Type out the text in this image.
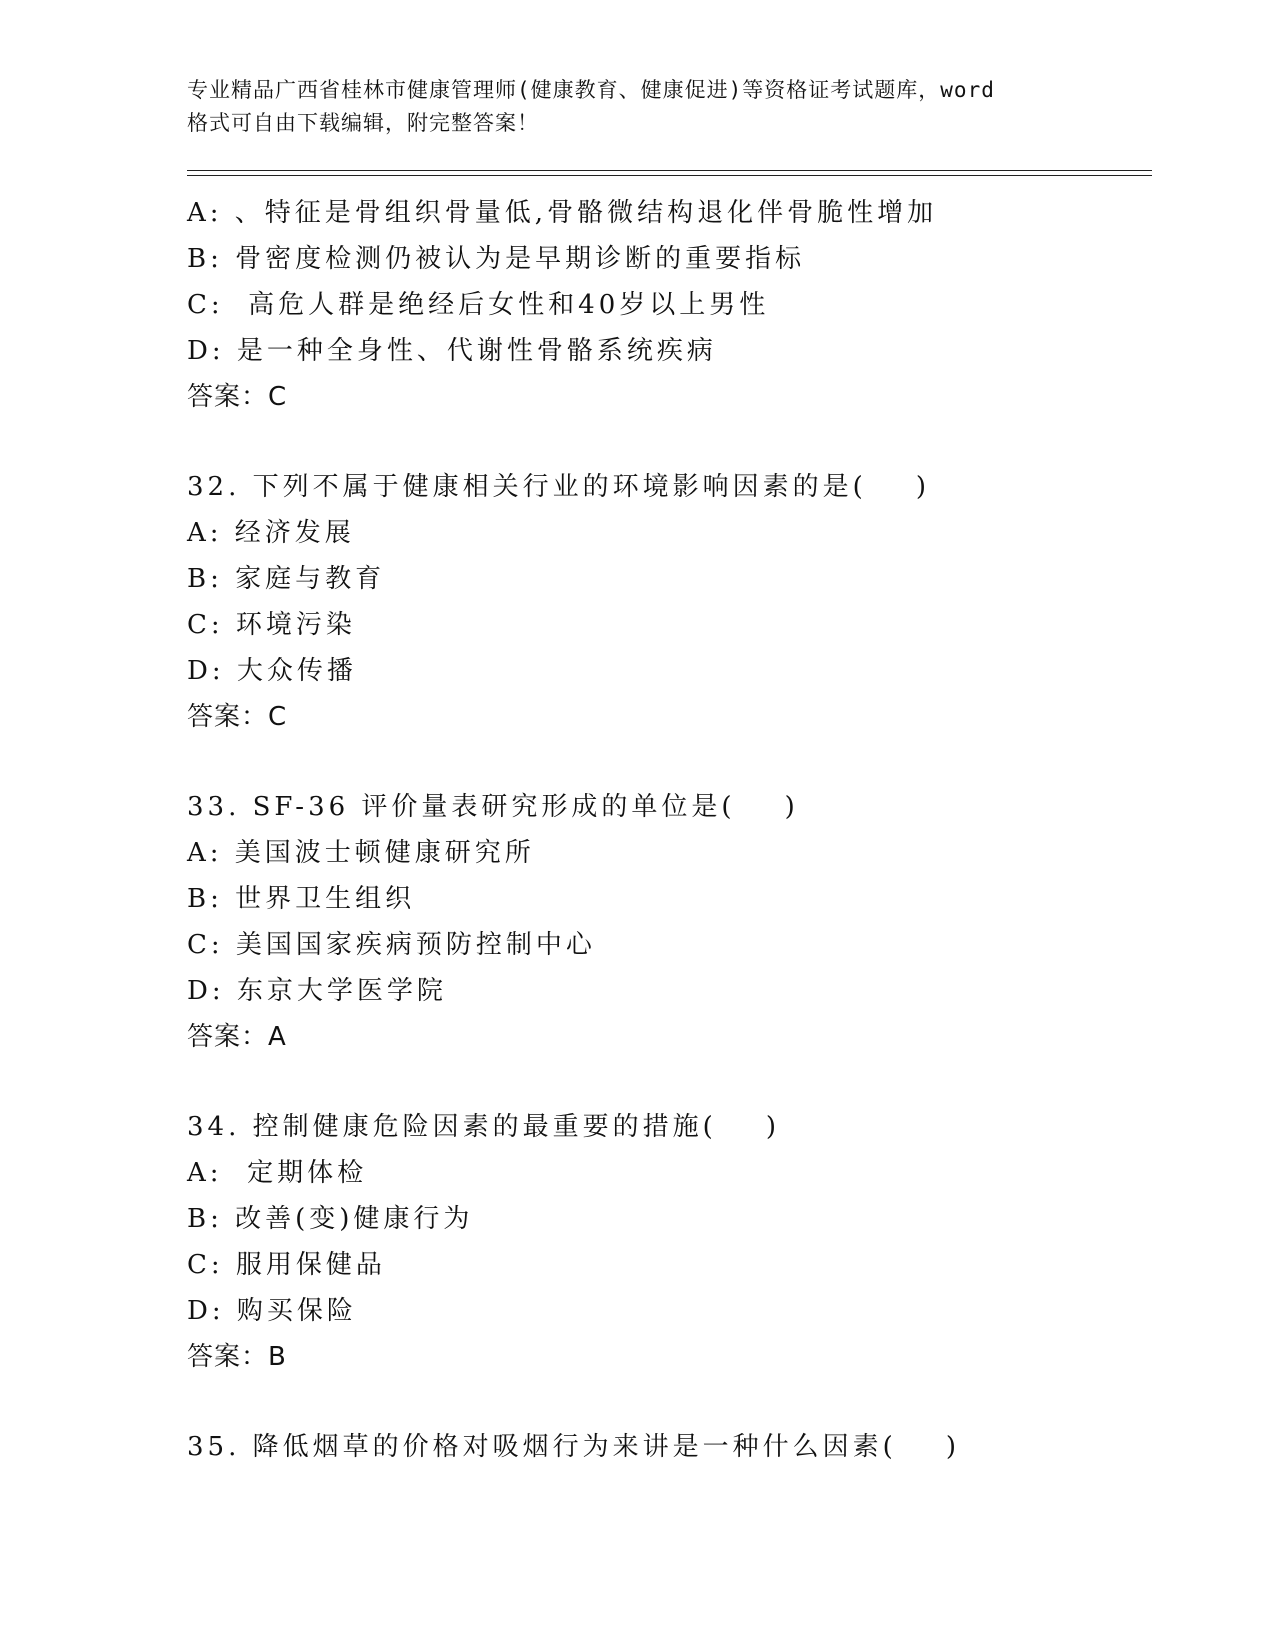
专业精品广西省桂林市健康管理师(健康教育、健康促进)等资格证考试题库，word
格式可自由下载编辑，附完整答案！
A: 、特征是骨组织骨量低,骨骼微结构退化伴骨脆性增加
B: 骨密度检测仍被认为是早期诊断的重要指标
C:  高危人群是绝经后女性和40岁以上男性
D: 是一种全身性、代谢性骨骼系统疾病
答案：C
32. 下列不属于健康相关行业的环境影响因素的是(    )
A: 经济发展
B: 家庭与教育
C: 环境污染
D: 大众传播
答案：C
33. SF-36 评价量表研究形成的单位是(    )
A: 美国波士顿健康研究所
B: 世界卫生组织
C: 美国国家疾病预防控制中心
D: 东京大学医学院
答案：A
34. 控制健康危险因素的最重要的措施(    )
A:  定期体检
B: 改善(变)健康行为
C: 服用保健品
D: 购买保险
答案：B
35. 降低烟草的价格对吸烟行为来讲是一种什么因素(    )
